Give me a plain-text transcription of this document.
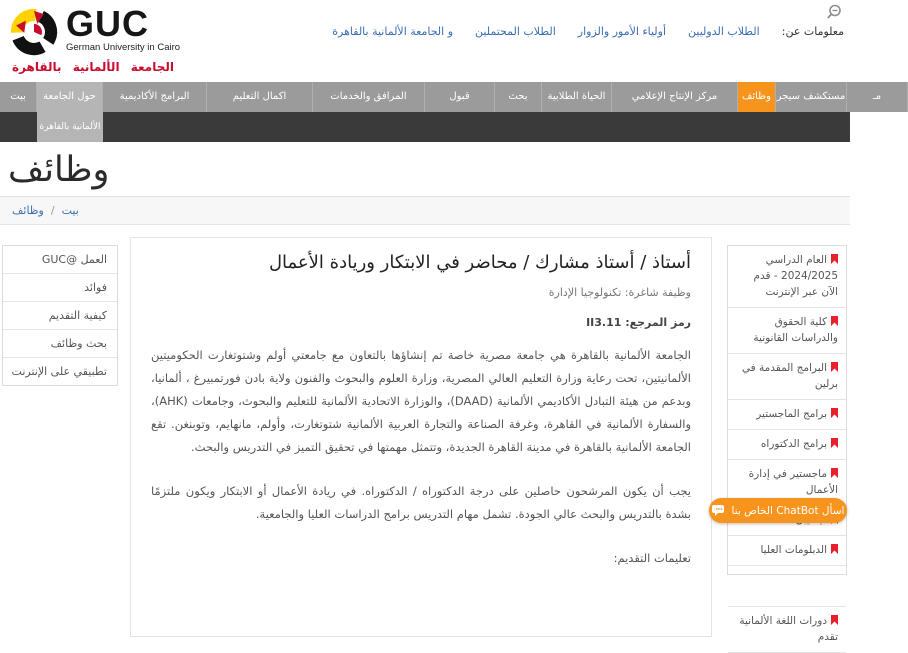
GUC
German University in Cairo
الجامعة الألمانية بالقاهرة
معلومات عن:
الطلاب الدوليين
أولياء الأمور والزوار
الطلاب المحتملين
و الجامعة الألمانية بالقاهرة
بيت	حول الجامعة	البرامج الأكاديمية	اكمال التعليم	المرافق والخدمات	قبول	بحث	الحياة الطلابية	مركز الإنتاج الإعلامي	وظائف مستكشف سيجر	مـ
الألمانية بالقاهرة
وظائف
بيت
/
وظائف
العمل @GUC
فوائد
كيفية التقديم
بحث وظائف
تطبيقي على الإنترنت
أستاذ / أستاذ مشارك / محاضر في الابتكار وريادة الأعمال
وظيفة شاغرة: تكنولوجيا الإدارة
رمز المرجع: II3.11

الجامعة الألمانية بالقاهرة هي جامعة مصرية خاصة تم إنشاؤها بالتعاون مع جامعتي أولم وشتوتغارت الحكوميتين الألمانيتين، تحت رعاية وزارة التعليم العالي المصرية، وزارة العلوم والبحوث والفنون ولاية بادن فورتمبيرغ ، ألمانيا، وبدعم من هيئة التبادل الأكاديمي الألمانية (DAAD)، والوزارة الاتحادية الألمانية للتعليم والبحوث، وجامعات (AHK)، والسفارة الألمانية في القاهرة، وغرفة الصناعة والتجارة العربية الألمانية شتوتغارت، وأولم، مانهايم، وتوبنغن. تقع الجامعة الألمانية بالقاهرة في مدينة القاهرة الجديدة، وتتمثل مهمتها في تحقيق التميز في التدريس والبحث.

يجب أن يكون المرشحون حاصلين على درجة الدكتوراه / الدكتوراه. في ريادة الأعمال أو الابتكار ويكون ملتزمًا بشدة بالتدريس والبحث عالي الجودة. تشمل مهام التدريس برامج الدراسات العليا والجامعية.

تعليمات التقديم:
العام الدراسي 2024/2025 - قدم الآن عبر الإنترنت
كلية الحقوق والدراسات القانونية
البرامج المقدمة في برلين
برامج الماجستير
برامج الدكتوراه
ماجستير في إدارة الأعمال
الدبلومات العليا
دورات اللغة الألمانية تقدم
اسأل ChatBot الخاص بنا
